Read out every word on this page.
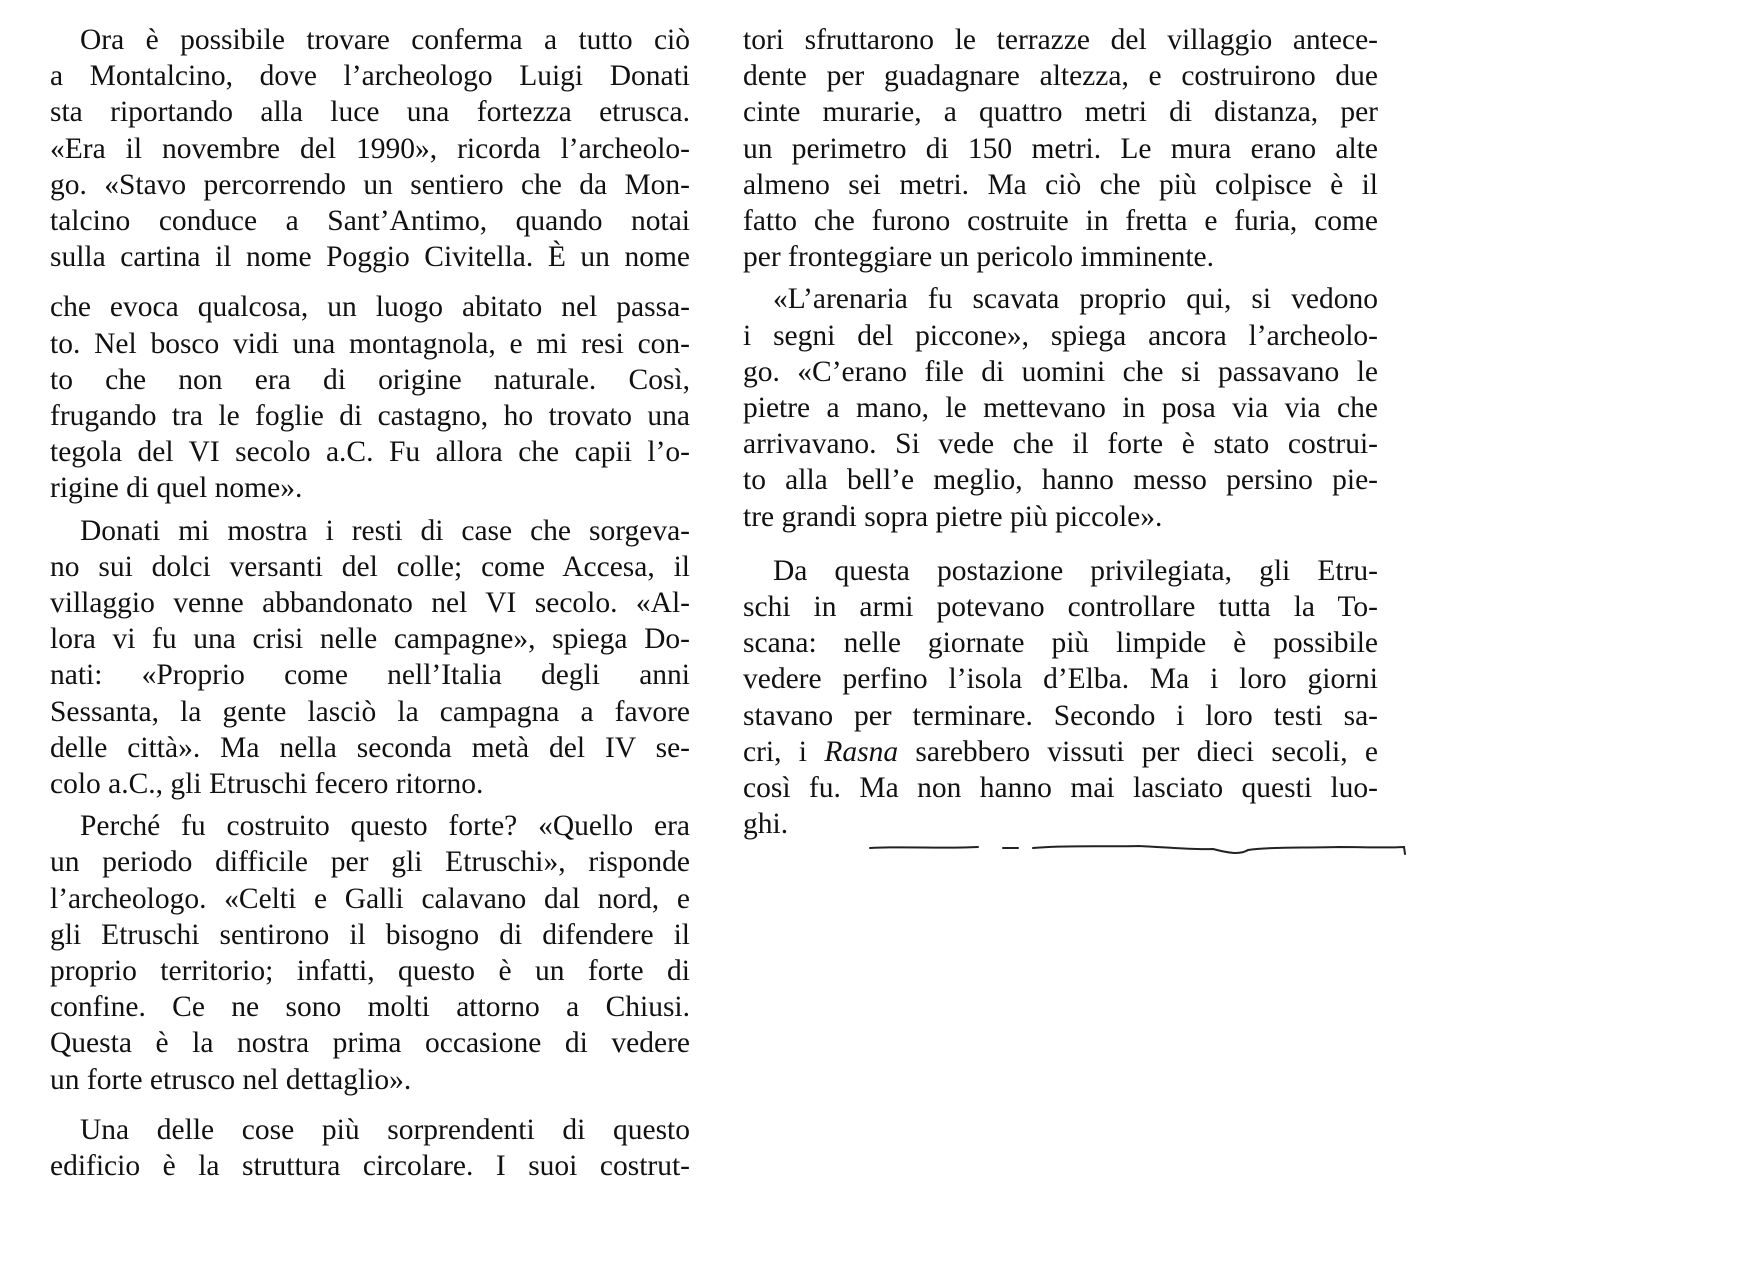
Ora è possibile trovare conferma a tutto ciò
a Montalcino, dove l’archeologo Luigi Donati
sta riportando alla luce una fortezza etrusca.
«Era il novembre del 1990», ricorda l’archeolo-
go. «Stavo percorrendo un sentiero che da Mon-
talcino conduce a Sant’Antimo, quando notai
sulla cartina il nome Poggio Civitella. È un nome
che evoca qualcosa, un luogo abitato nel passa-
to. Nel bosco vidi una montagnola, e mi resi con-
to che non era di origine naturale. Così,
frugando tra le foglie di castagno, ho trovato una
tegola del VI secolo a.C. Fu allora che capii l’o-
rigine di quel nome».
Donati mi mostra i resti di case che sorgeva-
no sui dolci versanti del colle; come Accesa, il
villaggio venne abbandonato nel VI secolo. «Al-
lora vi fu una crisi nelle campagne», spiega Do-
nati: «Proprio come nell’Italia degli anni
Sessanta, la gente lasciò la campagna a favore
delle città». Ma nella seconda metà del IV se-
colo a.C., gli Etruschi fecero ritorno.
Perché fu costruito questo forte? «Quello era
un periodo difficile per gli Etruschi», risponde
l’archeologo. «Celti e Galli calavano dal nord, e
gli Etruschi sentirono il bisogno di difendere il
proprio territorio; infatti, questo è un forte di
confine. Ce ne sono molti attorno a Chiusi.
Questa è la nostra prima occasione di vedere
un forte etrusco nel dettaglio».
Una delle cose più sorprendenti di questo
edificio è la struttura circolare. I suoi costrut-
tori sfruttarono le terrazze del villaggio antece-
dente per guadagnare altezza, e costruirono due
cinte murarie, a quattro metri di distanza, per
un perimetro di 150 metri. Le mura erano alte
almeno sei metri. Ma ciò che più colpisce è il
fatto che furono costruite in fretta e furia, come
per fronteggiare un pericolo imminente.
«L’arenaria fu scavata proprio qui, si vedono
i segni del piccone», spiega ancora l’archeolo-
go. «C’erano file di uomini che si passavano le
pietre a mano, le mettevano in posa via via che
arrivavano. Si vede che il forte è stato costrui-
to alla bell’e meglio, hanno messo persino pie-
tre grandi sopra pietre più piccole».
Da questa postazione privilegiata, gli Etru-
schi in armi potevano controllare tutta la To-
scana: nelle giornate più limpide è possibile
vedere perfino l’isola d’Elba. Ma i loro giorni
stavano per terminare. Secondo i loro testi sa-
cri, i Rasna sarebbero vissuti per dieci secoli, e
così fu. Ma non hanno mai lasciato questi luo-
ghi.
